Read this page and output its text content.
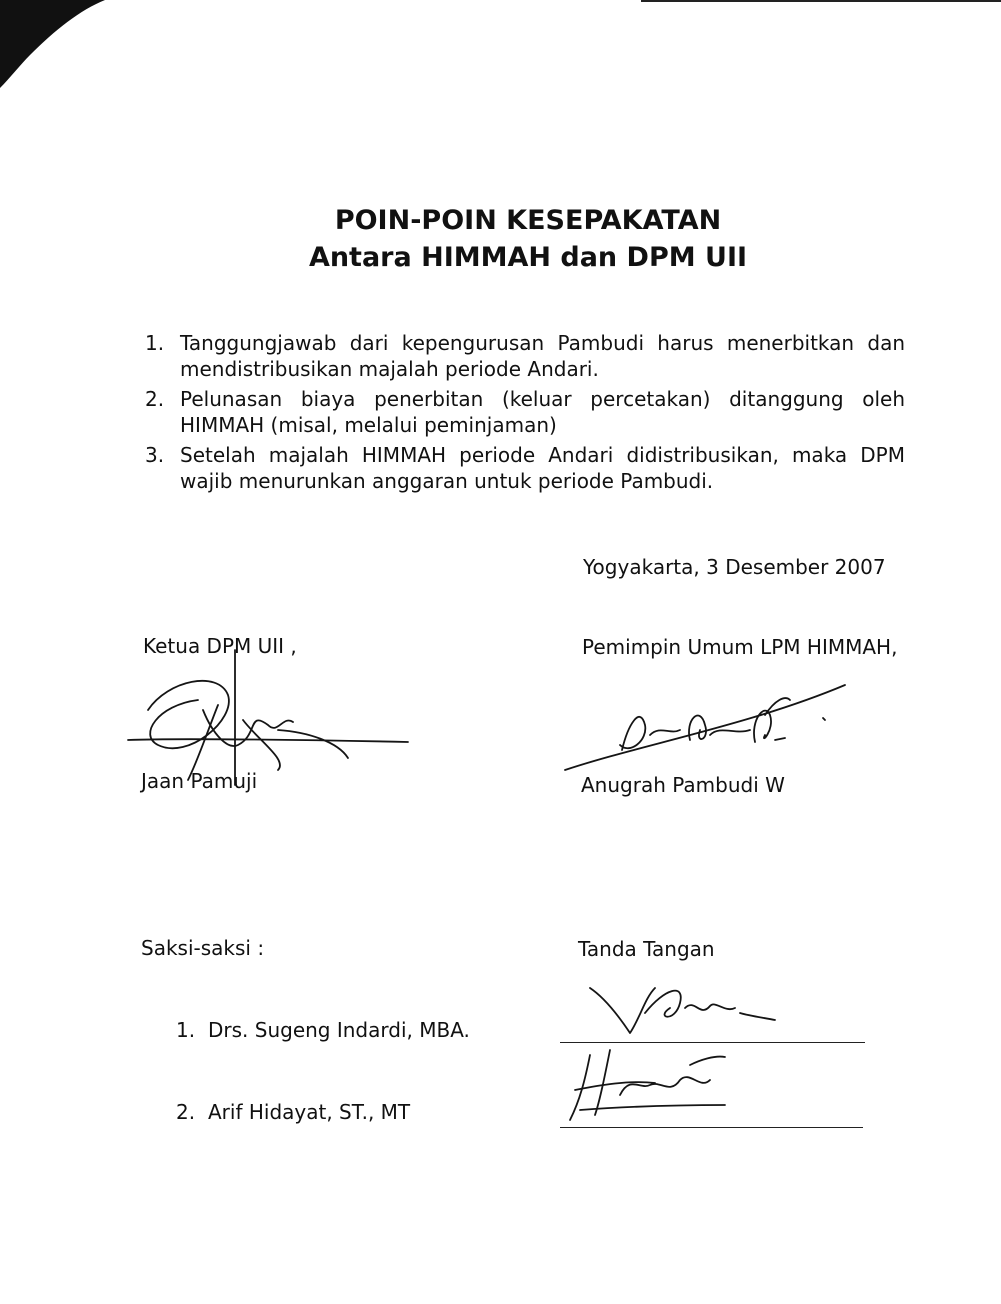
POIN-POIN KESEPAKATAN
Antara HIMMAH dan DPM UII
1. Tanggungjawab dari kepengurusan Pambudi harus menerbitkan dan mendistribusikan majalah periode Andari.
2. Pelunasan biaya penerbitan (keluar percetakan) ditanggung oleh HIMMAH (misal, melalui peminjaman)
3. Setelah majalah HIMMAH periode Andari didistribusikan, maka DPM wajib menurunkan anggaran untuk periode Pambudi.

Yogyakarta, 3 Desember 2007

Ketua DPM UII ,	Pemimpin Umum LPM HIMMAH,

Jaan Pamuji	Anugrah Pambudi W

Saksi-saksi :	Tanda Tangan

1. Drs. Sugeng Indardi, MBA.
2. Arif Hidayat, ST., MT
